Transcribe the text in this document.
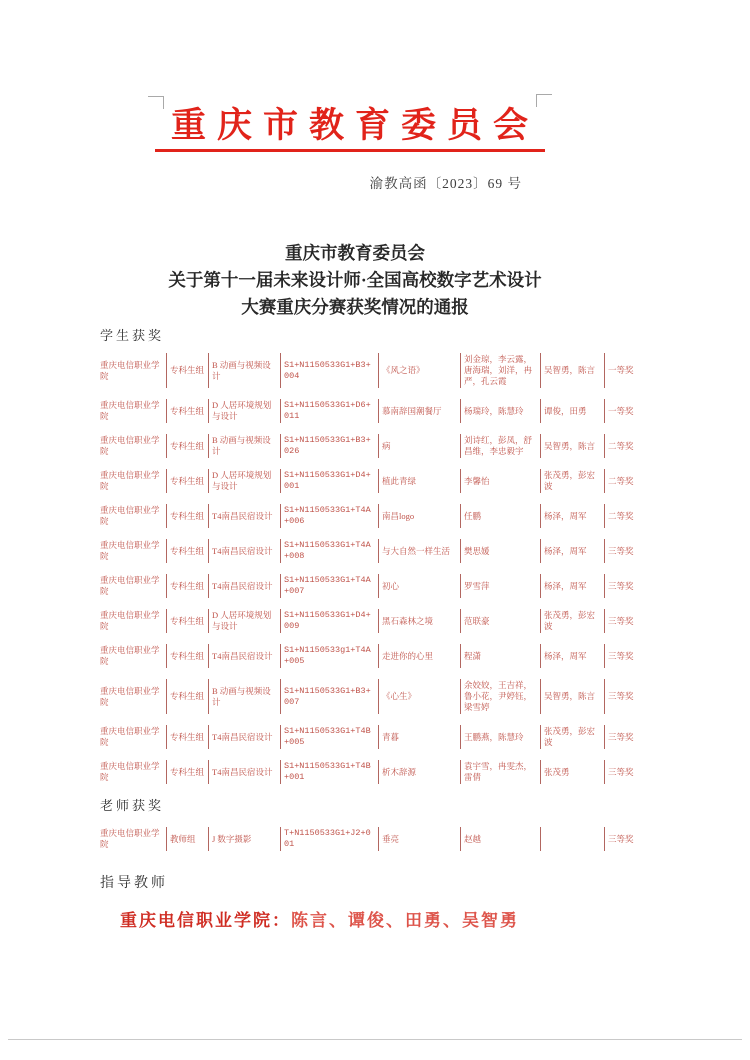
重庆市教育委员会
渝教高函〔2023〕69 号
重庆市教育委员会
关于第十一届未来设计师·全国高校数字艺术设计
大赛重庆分赛获奖情况的通报
学生获奖
重庆电信职业学院	专科生组	B 动画与视频设计	S1+N1150533G1+B3+004	《风之语》	刘金琼，李云露，唐海瑞，刘洋，冉严，孔云霞	吴智勇，陈言	一等奖
重庆电信职业学院	专科生组	D 人居环境规划与设计	S1+N1150533G1+D6+011	慕南辞国潮餐厅	杨瑞玲，陈慧玲	谭俊，田勇	一等奖
重庆电信职业学院	专科生组	B 动画与视频设计	S1+N1150533G1+B3+026	病	刘诗红，彭凤，舒昌维，李忠毅宇	吴智勇，陈言	二等奖
重庆电信职业学院	专科生组	D 人居环境规划与设计	S1+N1150533G1+D4+001	植此青绿	李馨怡	张茂勇，彭宏波	二等奖
重庆电信职业学院	专科生组	T4南昌民宿设计	S1+N1150533G1+T4A+006	南昌logo	任鹏	杨泽，周军	二等奖
重庆电信职业学院	专科生组	T4南昌民宿设计	S1+N1150533G1+T4A+008	与大自然一样生活	樊思媛	杨泽，周军	三等奖
重庆电信职业学院	专科生组	T4南昌民宿设计	S1+N1150533G1+T4A+007	初心	罗雪萍	杨泽，周军	三等奖
重庆电信职业学院	专科生组	D 人居环境规划与设计	S1+N1150533G1+D4+009	黑石森林之境	范联豪	张茂勇，彭宏波	三等奖
重庆电信职业学院	专科生组	T4南昌民宿设计	S1+N1150533g1+T4A+005	走进你的心里	程潇	杨泽，周军	三等奖
重庆电信职业学院	专科生组	B 动画与视频设计	S1+N1150533G1+B3+007	《心生》	余姣姣，王吉祥，鲁小花，尹婷钰，梁雪婷	吴智勇，陈言	三等奖
重庆电信职业学院	专科生组	T4南昌民宿设计	S1+N1150533G1+T4B+005	青暮	王鹏燕，陈慧玲	张茂勇，彭宏波	三等奖
重庆电信职业学院	专科生组	T4南昌民宿设计	S1+N1150533G1+T4B+001	析木辞源	袁宇雪，冉雯杰，雷倩	张茂勇	三等奖
老师获奖
重庆电信职业学院	教师组	J 数字摄影	T+N1150533G1+J2+001	垂亮	赵越		三等奖
指导教师
重庆电信职业学院：陈言、谭俊、田勇、吴智勇
